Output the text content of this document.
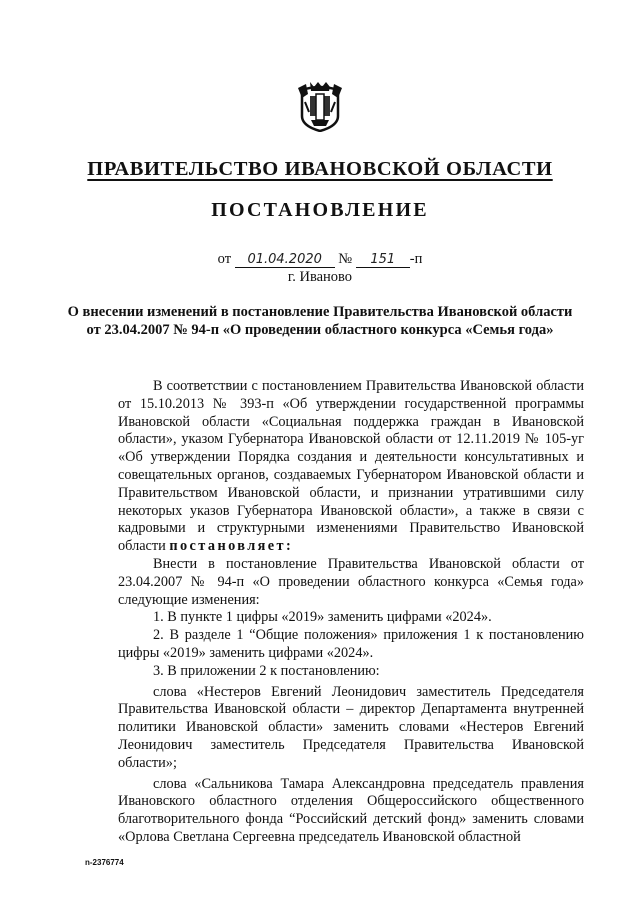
ПРАВИТЕЛЬСТВО ИВАНОВСКОЙ ОБЛАСТИ
ПОСТАНОВЛЕНИЕ
от 01.04.2020 № 151 -п
г. Иваново
О внесении изменений в постановление Правительства Ивановской области от 23.04.2007 № 94-п «О проведении областного конкурса «Семья года»

В соответствии с постановлением Правительства Ивановской области от 15.10.2013 № 393-п «Об утверждении государственной программы Ивановской области «Социальная поддержка граждан в Ивановской области», указом Губернатора Ивановской области от 12.11.2019 № 105-уг «Об утверждении Порядка создания и деятельности консультативных и совещательных органов, создаваемых Губернатором Ивановской области и Правительством Ивановской области, и признании утратившими силу некоторых указов Губернатора Ивановской области», а также в связи с кадровыми и структурными изменениями Правительство Ивановской области постановляет:

Внести в постановление Правительства Ивановской области от 23.04.2007 № 94-п «О проведении областного конкурса «Семья года» следующие изменения:

1. В пункте 1 цифры «2019» заменить цифрами «2024».

2. В разделе 1 “Общие положения» приложения 1 к постановлению цифры «2019» заменить цифрами «2024».

3. В приложении 2 к постановлению:

слова «Нестеров Евгений Леонидович заместитель Председателя Правительства Ивановской области – директор Департамента внутренней политики Ивановской области» заменить словами «Нестеров Евгений Леонидович заместитель Председателя Правительства Ивановской области»;

слова «Сальникова Тамара Александровна председатель правления Ивановского областного отделения Общероссийского общественного благотворительного фонда “Российский детский фонд» заменить словами «Орлова Светлана Сергеевна председатель Ивановской областной

n-2376774
